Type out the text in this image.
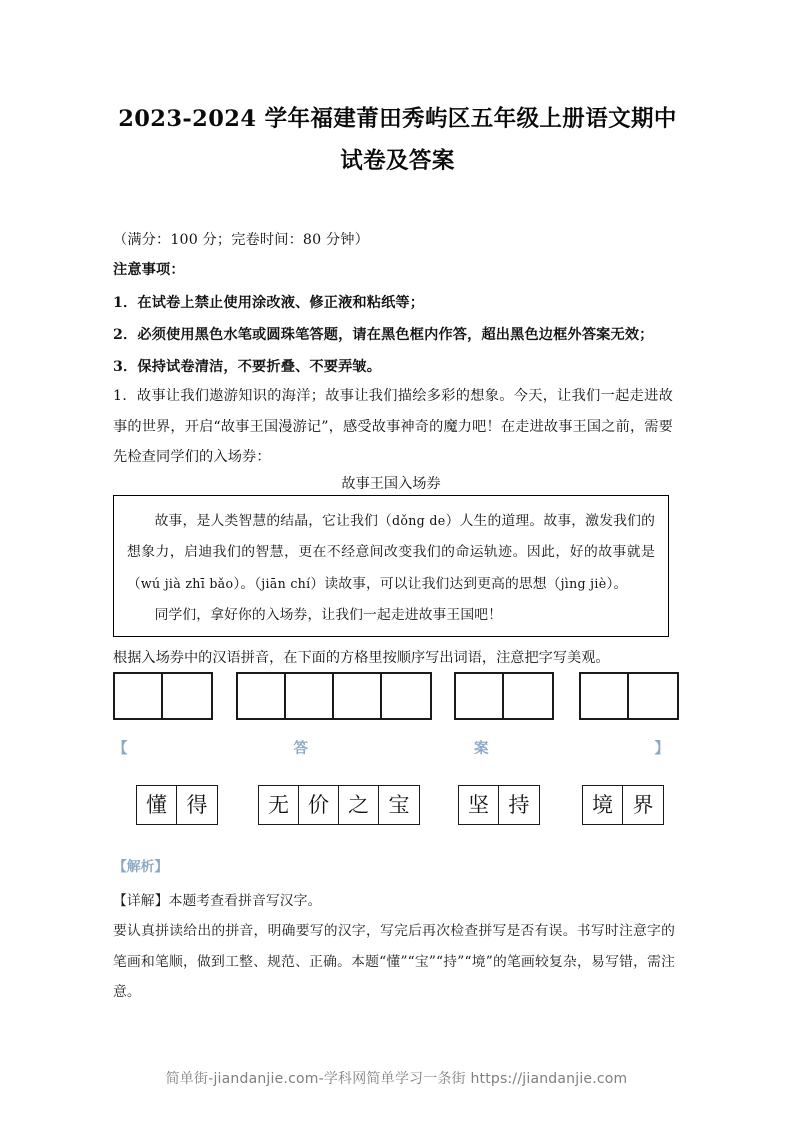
2023-2024 学年福建莆田秀屿区五年级上册语文期中试卷及答案
（满分：100 分；完卷时间：80 分钟）
注意事项：
1．在试卷上禁止使用涂改液、修正液和粘纸等；
2．必须使用黑色水笔或圆珠笔答题，请在黑色框内作答，超出黑色边框外答案无效；
3．保持试卷清洁，不要折叠、不要弄皱。
1．故事让我们遨游知识的海洋；故事让我们描绘多彩的想象。今天，让我们一起走进故事的世界，开启“故事王国漫游记”，感受故事神奇的魔力吧！在走进故事王国之前，需要先检查同学们的入场券：
故事王国入场券

故事，是人类智慧的结晶，它让我们（dǒng de）人生的道理。故事，激发我们的想象力，启迪我们的智慧，更在不经意间改变我们的命运轨迹。因此，好的故事就是（wú jià zhī bǎo）。（jiān chí）读故事，可以让我们达到更高的思想（jìng jiè）。

同学们，拿好你的入场券，让我们一起走进故事王国吧！

根据入场券中的汉语拼音，在下面的方格里按顺序写出词语，注意把字写美观。
【	答	案	】
懂 得	无 价 之 宝	坚 持	境 界
【解析】
【详解】本题考查看拼音写汉字。
要认真拼读给出的拼音，明确要写的汉字，写完后再次检查拼写是否有误。书写时注意字的笔画和笔顺，做到工整、规范、正确。本题“懂”“宝”“持”“境”的笔画较复杂，易写错，需注意。
简单街-jiandanjie.com-学科网简单学习一条街 https://jiandanjie.com
